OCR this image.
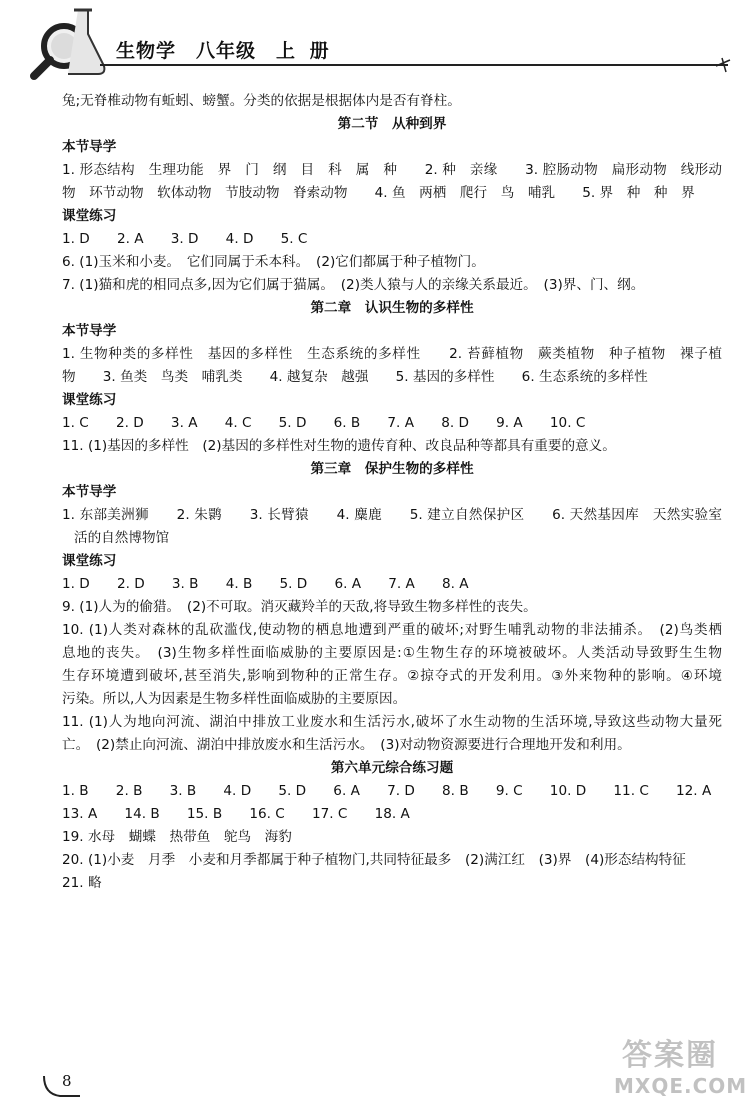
生物学　八年级　上 册
兔;无脊椎动物有蚯蚓、螃蟹。分类的依据是根据体内是否有脊柱。
第二节　从种到界
本节导学
1. 形态结构　生理功能　界　门　纲　目　科　属　种　　2. 种　亲缘　　3. 腔肠动物　扁形动物　线形动
物　环节动物　软体动物　节肢动物　脊索动物　　4. 鱼　两栖　爬行　鸟　哺乳　　5. 界　种　种　界
课堂练习
1. D　　2. A　　3. D　　4. D　　5. C
6. (1)玉米和小麦。　它们同属于禾本科。　(2)它们都属于种子植物门。
7. (1)猫和虎的相同点多,因为它们属于猫属。　(2)类人猿与人的亲缘关系最近。　(3)界、门、纲。
第二章　认识生物的多样性
本节导学
1. 生物种类的多样性　基因的多样性　生态系统的多样性　　2. 苔藓植物　蕨类植物　种子植物　裸子植
物　　3. 鱼类　鸟类　哺乳类　　4. 越复杂　越强　　5. 基因的多样性　　6. 生态系统的多样性
课堂练习
1. C　　2. D　　3. A　　4. C　　5. D　　6. B　　7. A　　8. D　　9. A　　10. C
11. (1)基因的多样性　(2)基因的多样性对生物的遗传育种、改良品种等都具有重要的意义。
第三章　保护生物的多样性
本节导学
1. 东部美洲狮　　2. 朱鹮　　3. 长臂猿　　4. 麋鹿　　5. 建立自然保护区　　6. 天然基因库　天然实验室
活的自然博物馆
课堂练习
1. D　　2. D　　3. B　　4. B　　5. D　　6. A　　7. A　　8. A
9. (1)人为的偷猎。　(2)不可取。消灭藏羚羊的天敌,将导致生物多样性的丧失。
10. (1)人类对森林的乱砍滥伐,使动物的栖息地遭到严重的破坏;对野生哺乳动物的非法捕杀。　(2)鸟类栖
息地的丧失。　(3)生物多样性面临威胁的主要原因是:①生物生存的环境被破坏。人类活动导致野生生物
生存环境遭到破坏,甚至消失,影响到物种的正常生存。②掠夺式的开发利用。③外来物种的影响。④环境
污染。所以,人为因素是生物多样性面临威胁的主要原因。
11. (1)人为地向河流、湖泊中排放工业废水和生活污水,破坏了水生动物的生活环境,导致这些动物大量死
亡。　(2)禁止向河流、湖泊中排放废水和生活污水。　(3)对动物资源要进行合理地开发和利用。
第六单元综合练习题
1. B　　2. B　　3. B　　4. D　　5. D　　6. A　　7. D　　8. B　　9. C　　10. D　　11. C　　12. A
13. A　　14. B　　15. B　　16. C　　17. C　　18. A
19. 水母　蝴蝶　热带鱼　鸵鸟　海豹
20. (1)小麦　月季　小麦和月季都属于种子植物门,共同特征最多　(2)满江红　(3)界　(4)形态结构特征
21. 略
8
答案圈
MXQE.COM
